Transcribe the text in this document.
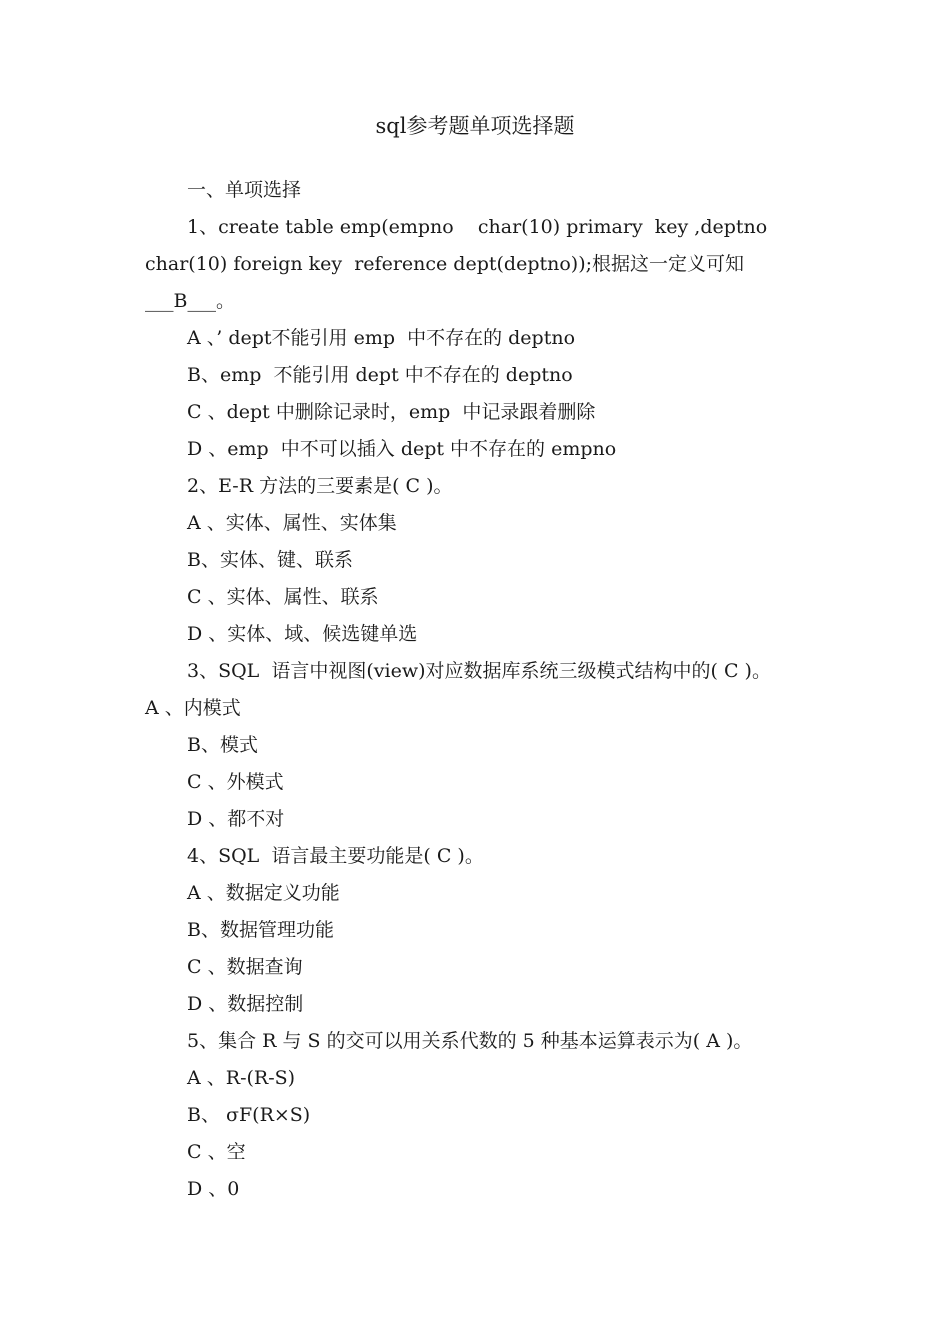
sql参考题单项选择题
一、单项选择
1、create table emp(empno    char(10) primary  key ,deptno
char(10) foreign key  reference dept(deptno));根据这一定义可知
___B___。
A 、’ dept不能引用 emp  中不存在的 deptno
B、emp  不能引用 dept 中不存在的 deptno
C 、dept 中删除记录时，emp  中记录跟着删除
D 、emp  中不可以插入 dept 中不存在的 empno
2、E-R 方法的三要素是( C )。
A 、实体、属性、实体集
B、实体、键、联系
C 、实体、属性、联系
D 、实体、域、候选键单选
3、SQL  语言中视图(view)对应数据库系统三级模式结构中的( C )。
A 、内模式
B、模式
C 、外模式
D 、都不对
4、SQL  语言最主要功能是( C )。
A 、数据定义功能
B、数据管理功能
C 、数据查询
D 、数据控制
5、集合 R 与 S 的交可以用关系代数的 5 种基本运算表示为( A )。
A 、R-(R-S)
B、 σF(R×S)
C 、空
D 、0
